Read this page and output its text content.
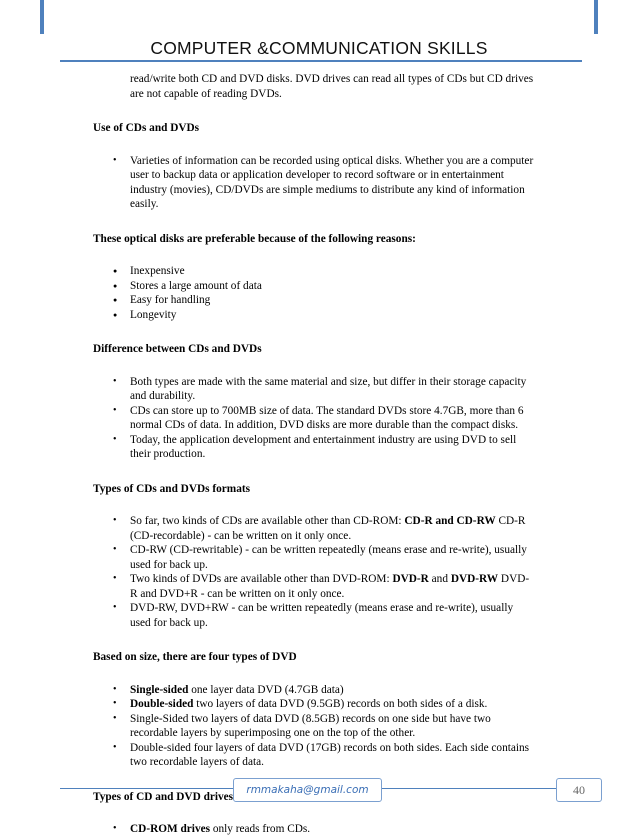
COMPUTER &COMMUNICATION SKILLS

read/write both CD and DVD disks. DVD drives can read all types of CDs but CD drives
are not capable of reading DVDs.

Use of CDs and DVDs
• Varieties of information can be recorded using optical disks. Whether you are a computer
user to backup data or application developer to record software or in entertainment
industry (movies), CD/DVDs are simple mediums to distribute any kind of information
easily.
These optical disks are preferable because of the following reasons:
● Inexpensive
● Stores a large amount of data
● Easy for handling
● Longevity
Difference between CDs and DVDs
• Both types are made with the same material and size, but differ in their storage capacity
and durability.
• CDs can store up to 700MB size of data. The standard DVDs store 4.7GB, more than 6
normal CDs of data. In addition, DVD disks are more durable than the compact disks.
• Today, the application development and entertainment industry are using DVD to sell
their production.
Types of CDs and DVDs formats
• So far, two kinds of CDs are available other than CD-ROM: CD-R and CD-RW CD-R
(CD-recordable) - can be written on it only once.
• CD-RW (CD-rewritable) - can be written repeatedly (means erase and re-write), usually
used for back up.
• Two kinds of DVDs are available other than DVD-ROM: DVD-R and DVD-RW DVD-
R and DVD+R - can be written on it only once.
• DVD-RW, DVD+RW - can be written repeatedly (means erase and re-write), usually
used for back up.
Based on size, there are four types of DVD
• Single-sided one layer data DVD (4.7GB data)
• Double-sided two layers of data DVD (9.5GB) records on both sides of a disk.
• Single-Sided two layers of data DVD (8.5GB) records on one side but have two
recordable layers by superimposing one on the top of the other.
• Double-sided four layers of data DVD (17GB) records on both sides. Each side contains
two recordable layers of data.
Types of CD and DVD drives
• CD-ROM drives only reads from CDs.
rmmakaha@gmail.com	40
